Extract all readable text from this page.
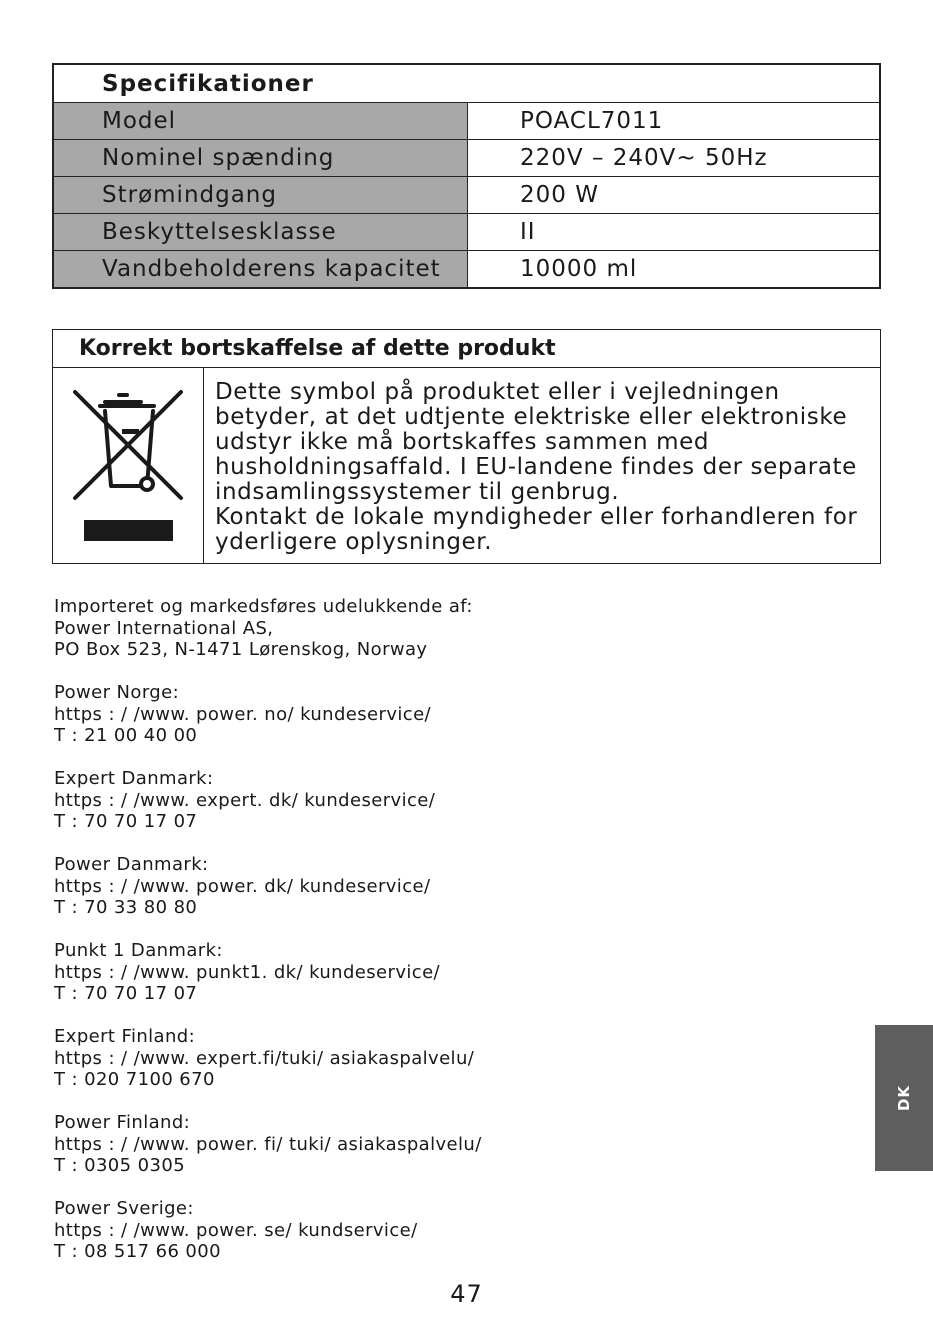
Specifikationer	
Model	POACL7011
Nominel spænding	220V – 240V~ 50Hz
Strømindgang	200 W
Beskyttelsesklasse	II
Vandbeholderens kapacitet	10000 ml
Korrekt bortskaffelse af dette produkt
Dette symbol på produktet eller i vejledningen
betyder, at det udtjente elektriske eller elektroniske
udstyr ikke må bortskaffes sammen med
husholdningsaffald. I EU-landene findes der separate
indsamlingssystemer til genbrug.
Kontakt de lokale myndigheder eller forhandleren for
yderligere oplysninger.
Importeret og markedsføres udelukkende af:
Power International AS,
PO Box 523, N-1471 Lørenskog, Norway
Power Norge:
https : / /www. power. no/ kundeservice/
T : 21 00 40 00
Expert Danmark:
https : / /www. expert. dk/ kundeservice/
T : 70 70 17 07
Power Danmark:
https : / /www. power. dk/ kundeservice/
T : 70 33 80 80
Punkt 1 Danmark:
https : / /www. punkt1. dk/ kundeservice/
T : 70 70 17 07
Expert Finland:
https : / /www. expert.fi/tuki/ asiakaspalvelu/
T : 020 7100 670
Power Finland:
https : / /www. power. fi/ tuki/ asiakaspalvelu/
T : 0305 0305
Power Sverige:
https : / /www. power. se/ kundservice/
T : 08 517 66 000
47
DK
